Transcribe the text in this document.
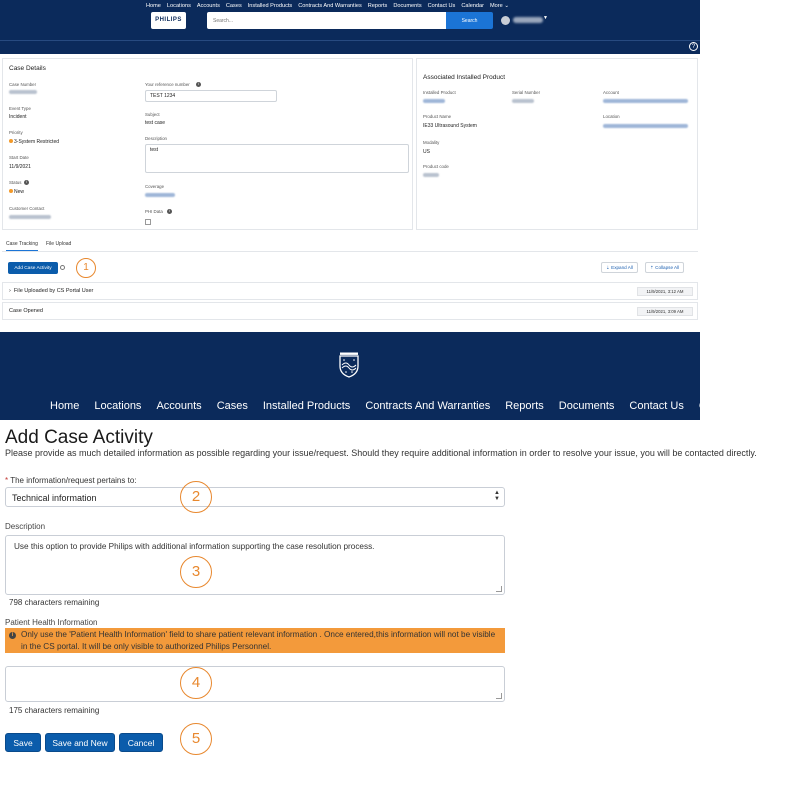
PHILIPS
Search...	Search	▼
Home Locations Accounts Cases Installed Products Contracts And Warranties Reports Documents Contact Us Calendar More ⌄
?
Case Details
Case Number
Event Type
Incident
Priority
3-System Restricted
Start Date
11/9/2021
Status	i
New
Customer Contact
Your reference number	i
TEST 1234
Subject
test case
Description
test
Coverage
PHI Data	i
Associated Installed Product
Installed Product	Serial Number	Account
Product Name
IE33 Ultrasound System
Location
Modality
US
Product code
Case Tracking File Upload
Add Case Activity	⇣ Expand All	⇡ Collapse All
›  File Uploaded by CS Portal User	11/9/2021, 3:12 AM
Case Opened	11/9/2021, 3:09 AM
1
Home Locations Accounts Cases Installed Products Contracts And Warranties Reports Documents Contact Us Calendar More ⌄
Add Case Activity
Please provide as much detailed information as possible regarding your issue/request. Should they require additional information in order to resolve your issue, you will be contacted directly.
* The information/request pertains to:
Technical information	▲
▼
Description
Use this option to provide Philips with additional information supporting the case resolution process.
798 characters remaining
Patient Health Information
Only use the 'Patient Health Information' field to share patient relevant information . Once entered,this information will not be visible in the CS portal. It will be only visible to authorized Philips Personnel.
i
175 characters remaining
Save	Save and New	Cancel
2
3
4
5
